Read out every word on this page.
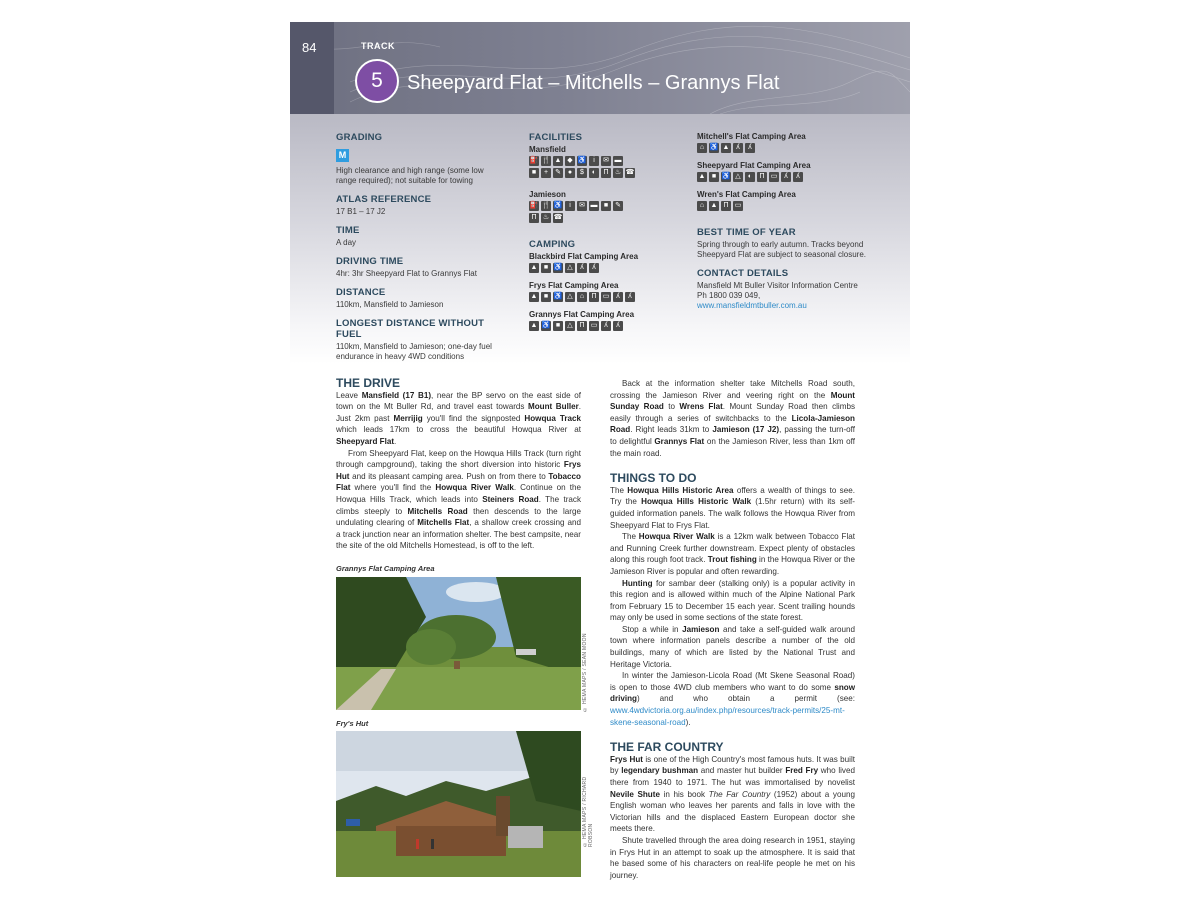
84	TRACK
5	Sheepyard Flat – Mitchells – Grannys Flat

GRADING

M

High clearance and high range (some low range required); not suitable for towing

ATLAS REFERENCE

17 B1 – 17 J2

TIME

A day

DRIVING TIME

4hr: 3hr Sheepyard Flat to Grannys Flat

DISTANCE

110km, Mansfield to Jamieson

LONGEST DISTANCE WITHOUT FUEL

110km, Mansfield to Jamieson; one-day fuel endurance in heavy 4WD conditions

FACILITIES

Mansfield

⛽ 🍴 ▲ ◆ ♿ i	✉ ▬
■	+	✎ ●	$	◐	Π ♨ ☎

Jamieson

⛽ 🍴 ♿ i	✉ ▬ ■ ✎
Π ♨ ☎

CAMPING

Blackbird Flat Camping Area

▲ ■ ♿ △	ʎ	ʎ

Frys Flat Camping Area

▲ ■ ♿ △	⌂	Π ▭ ʎ	ʎ

Grannys Flat Camping Area

▲ ♿ ■	△ Π ▭ ʎ	ʎ

Mitchell's Flat Camping Area

⌂ ♿ ▲ ʎ	ʎ

Sheepyard Flat Camping Area

▲ ■ ♿ △	◐	Π ▭ ʎ	ʎ

Wren's Flat Camping Area

⌂ ▲ Π ▭

BEST TIME OF YEAR

Spring through to early autumn. Tracks beyond Sheepyard Flat are subject to seasonal closure.

CONTACT DETAILS

Mansfield Mt Buller Visitor Information Centre

Ph 1800 039 049,

www.mansfieldmtbuller.com.au

THE DRIVE

Leave Mansfield (17 B1), near the BP servo on the east side of town on the Mt Buller Rd, and travel east towards Mount Buller. Just 2km past Merrijig you'll find the signposted Howqua Track which leads 17km to cross the beautiful Howqua River at Sheepyard Flat.

From Sheepyard Flat, keep on the Howqua Hills Track (turn right through campground), taking the short diversion into historic Frys Hut and its pleasant camping area. Push on from there to Tobacco Flat where you'll find the Howqua River Walk. Continue on the Howqua Hills Track, which leads into Steiners Road. The track climbs steeply to Mitchells Road then descends to the large undulating clearing of Mitchells Flat, a shallow creek crossing and a track junction near an information shelter. The best campsite, near the site of the old Mitchells Homestead, is off to the left.

Grannys Flat Camping Area
© HEMA MAPS / SEAN MOON
Fry's Hut
© HEMA MAPS / RICHARD ROBSON

Back at the information shelter take Mitchells Road south, crossing the Jamieson River and veering right on the Mount Sunday Road to Wrens Flat. Mount Sunday Road then climbs easily through a series of switchbacks to the Licola-Jamieson Road. Right leads 31km to Jamieson (17 J2), passing the turn-off to delightful Grannys Flat on the Jamieson River, less than 1km off the main road.

THINGS TO DO

The Howqua Hills Historic Area offers a wealth of things to see. Try the Howqua Hills Historic Walk (1.5hr return) with its self-guided information panels. The walk follows the Howqua River from Sheepyard Flat to Frys Flat.

The Howqua River Walk is a 12km walk between Tobacco Flat and Running Creek further downstream. Expect plenty of obstacles along this rough foot track. Trout fishing in the Howqua River or the Jamieson River is popular and often rewarding.

Hunting for sambar deer (stalking only) is a popular activity in this region and is allowed within much of the Alpine National Park from February 15 to December 15 each year. Scent trailing hounds may only be used in some sections of the state forest.

Stop a while in Jamieson and take a self-guided walk around town where information panels describe a number of the old buildings, many of which are listed by the National Trust and Heritage Victoria.

In winter the Jamieson-Licola Road (Mt Skene Seasonal Road) is open to those 4WD club members who want to do some snow driving) and who obtain a permit (see: www.4wdvictoria.org.au/index.php/resources/track-permits/25-mt-skene-seasonal-road).

THE FAR COUNTRY

Frys Hut is one of the High Country's most famous huts. It was built by legendary bushman and master hut builder Fred Fry who lived there from 1940 to 1971. The hut was immortalised by novelist Nevile Shute in his book The Far Country (1952) about a young English woman who leaves her parents and falls in love with the Victorian hills and the displaced Eastern European doctor she meets there.

Shute travelled through the area doing research in 1951, staying in Frys Hut in an attempt to soak up the atmosphere. It is said that he based some of his characters on real-life people he met on his journey.
